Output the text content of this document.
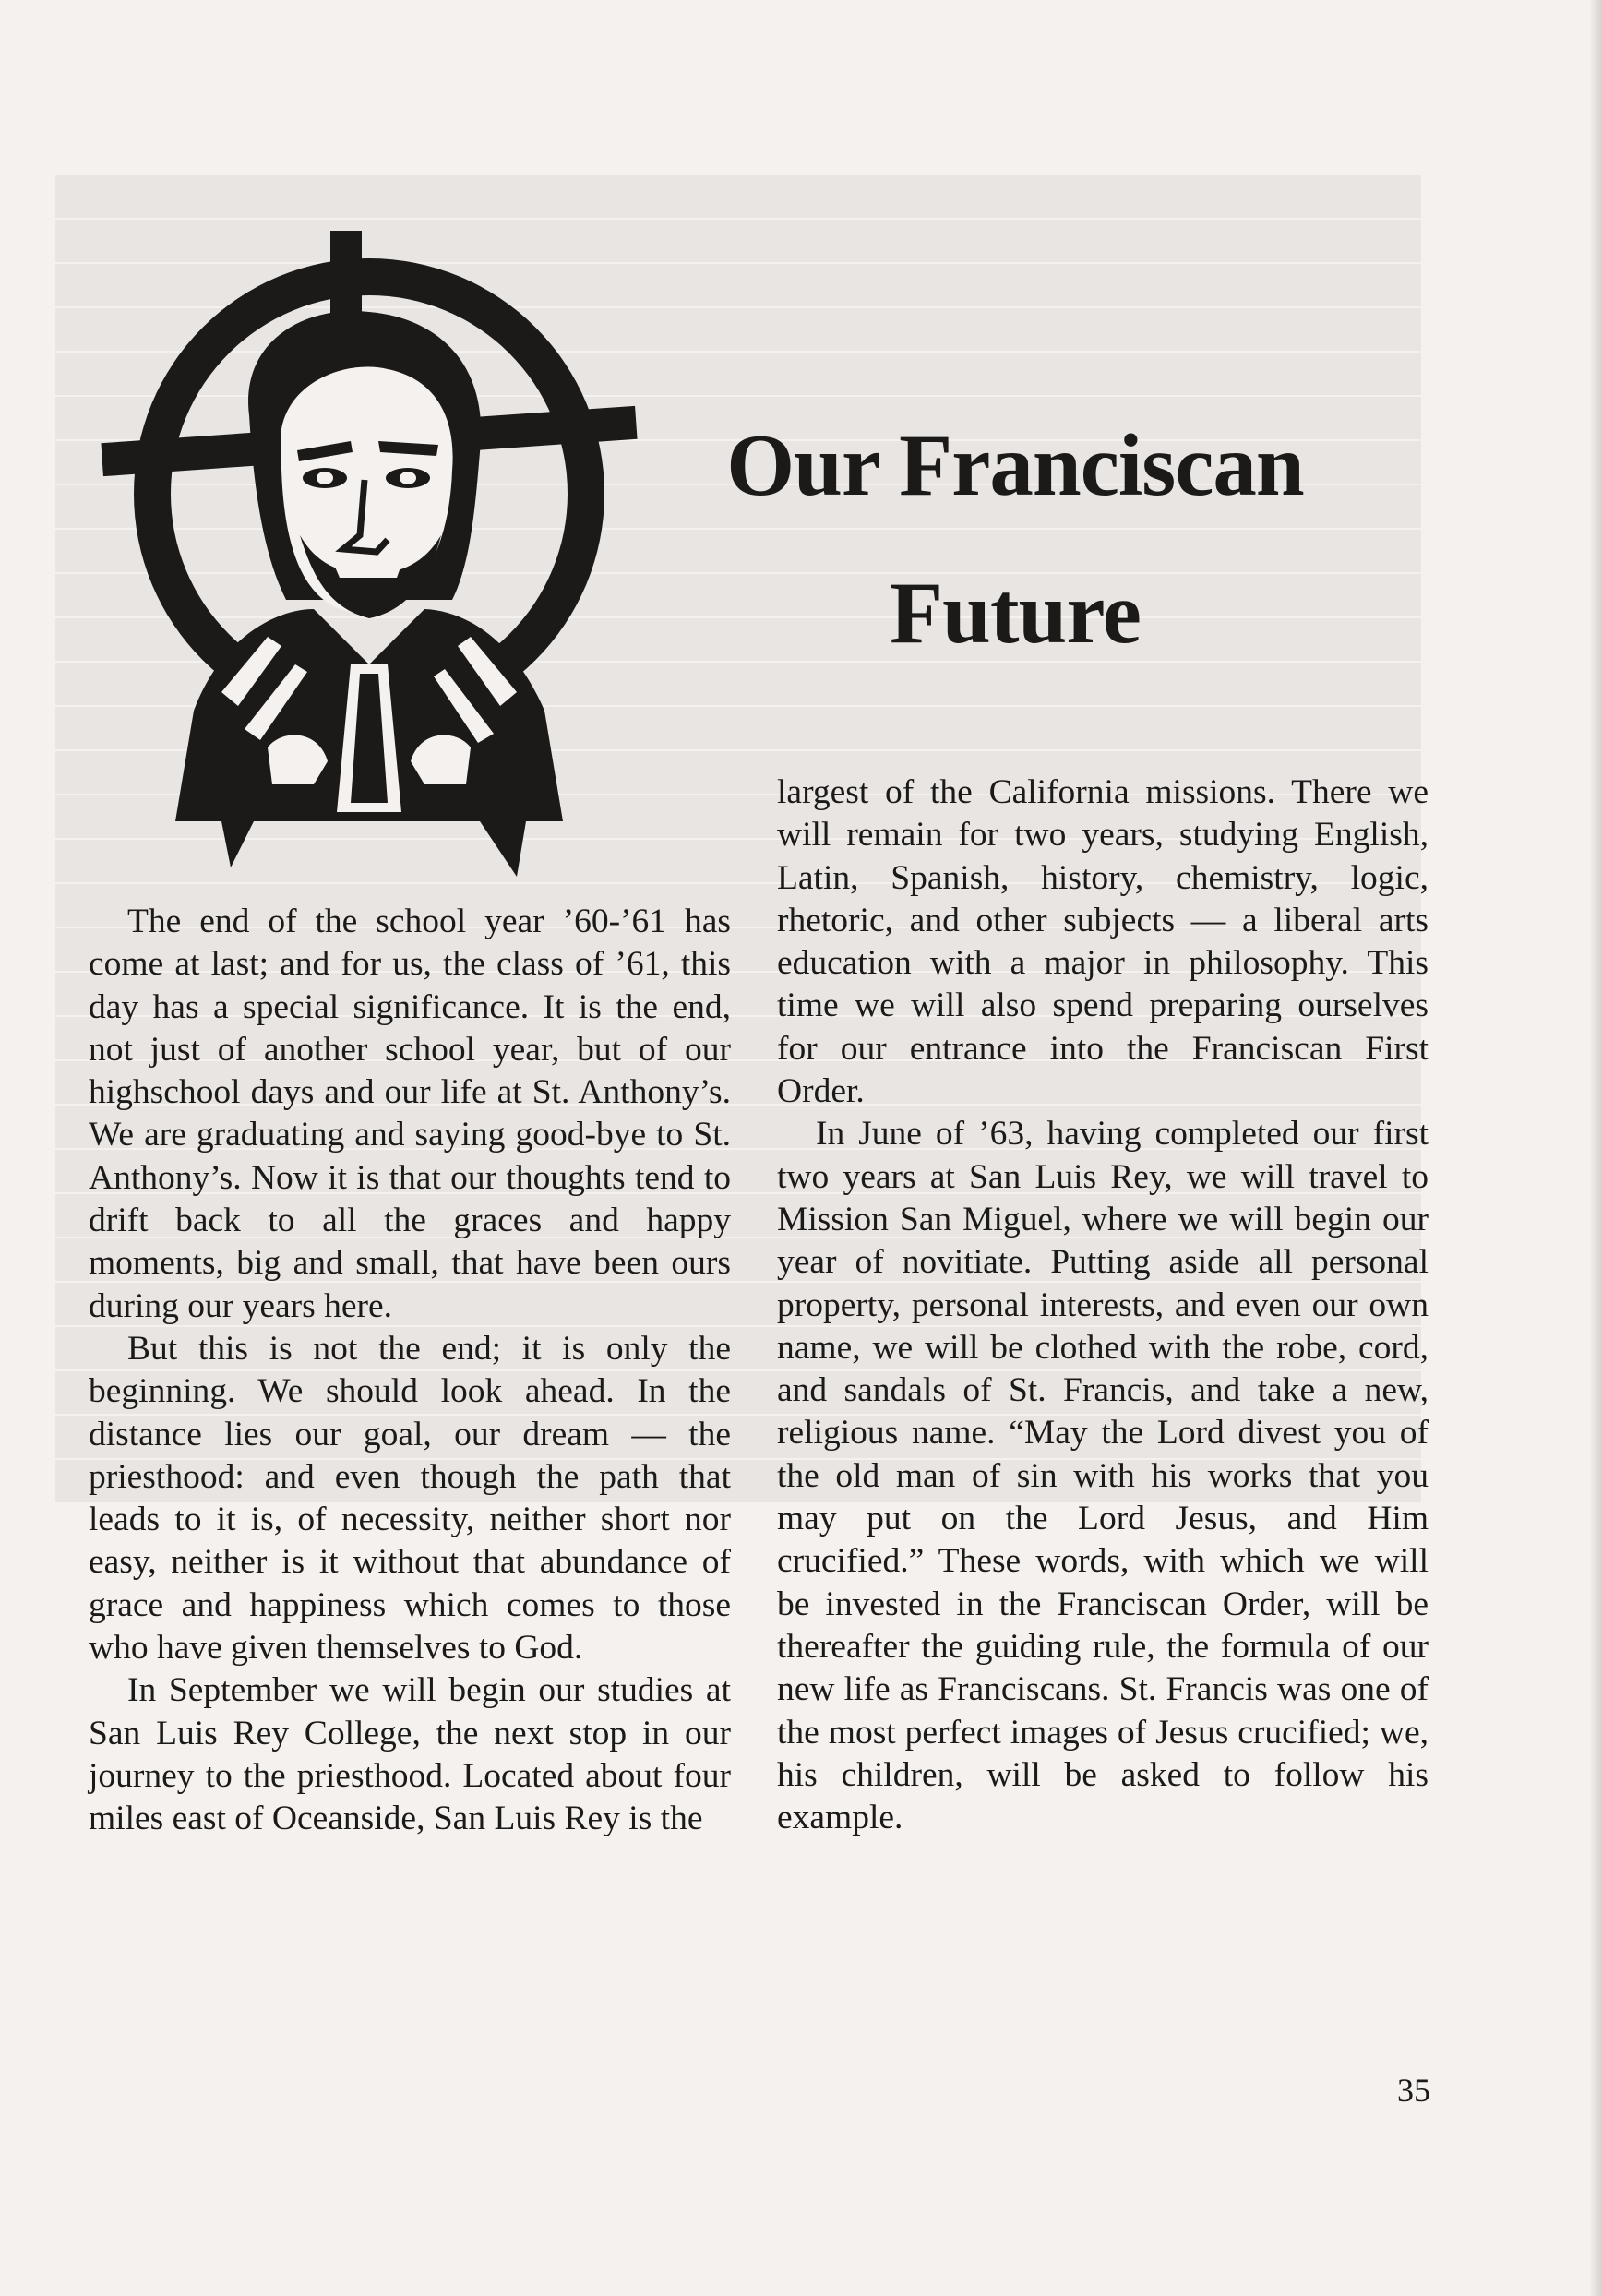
Our Franciscan
Future

The end of the school year ’60-’61 has come at last; and for us, the class of ’61, this day has a special significance. It is the end, not just of another school year, but of our highschool days and our life at St. Anthony’s. We are graduating and saying good-bye to St. Anthony’s. Now it is that our thoughts tend to drift back to all the graces and happy moments, big and small, that have been ours during our years here.

But this is not the end; it is only the beginning. We should look ahead. In the distance lies our goal, our dream — the priesthood: and even though the path that leads to it is, of necessity, neither short nor easy, neither is it without that abundance of grace and happiness which comes to those who have given themselves to God.

In September we will begin our studies at San Luis Rey College, the next stop in our journey to the priesthood. Located about four miles east of Oceanside, San Luis Rey is the

largest of the California missions. There we will remain for two years, studying English, Latin, Spanish, history, chemistry, logic, rhetoric, and other subjects — a liberal arts education with a major in philosophy. This time we will also spend preparing ourselves for our entrance into the Franciscan First Order.

In June of ’63, having completed our first two years at San Luis Rey, we will travel to Mission San Miguel, where we will begin our year of novitiate. Putting aside all personal property, personal interests, and even our own name, we will be clothed with the robe, cord, and sandals of St. Francis, and take a new, religious name. “May the Lord divest you of the old man of sin with his works that you may put on the Lord Jesus, and Him crucified.” These words, with which we will be invested in the Franciscan Order, will be thereafter the guiding rule, the formula of our new life as Franciscans. St. Francis was one of the most perfect images of Jesus crucified; we, his children, will be asked to follow his example.

35
